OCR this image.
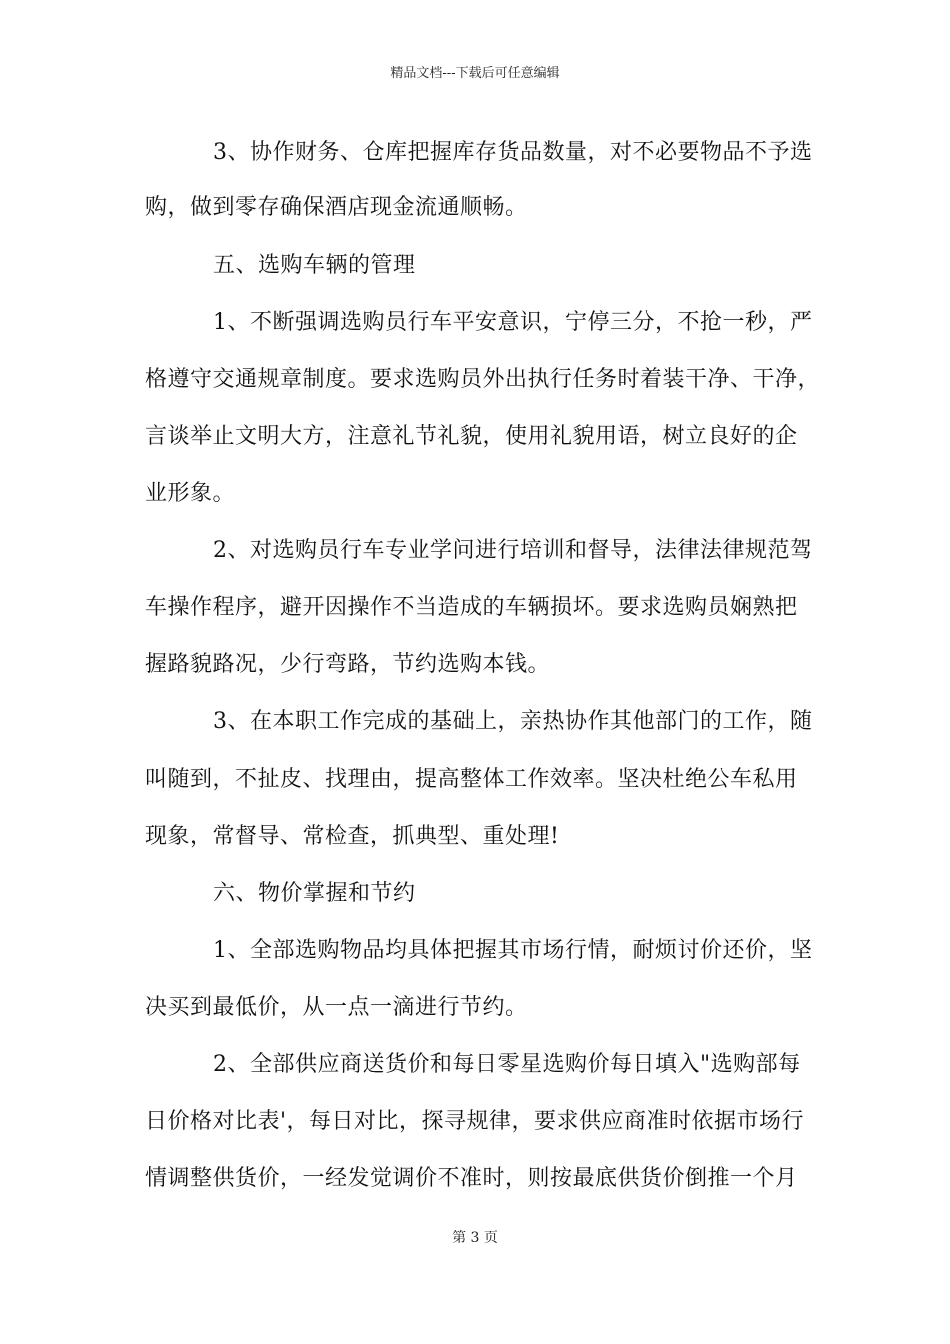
精品文档---下载后可任意编辑
3、协作财务、仓库把握库存货品数量，对不必要物品不予选
购，做到零存确保酒店现金流通顺畅。
五、选购车辆的管理
1、不断强调选购员行车平安意识，宁停三分，不抢一秒，严
格遵守交通规章制度。要求选购员外出执行任务时着装干净、干净，
言谈举止文明大方，注意礼节礼貌，使用礼貌用语，树立良好的企
业形象。
2、对选购员行车专业学问进行培训和督导，法律法律规范驾
车操作程序，避开因操作不当造成的车辆损坏。要求选购员娴熟把
握路貌路况，少行弯路，节约选购本钱。
3、在本职工作完成的基础上，亲热协作其他部门的工作，随
叫随到，不扯皮、找理由，提高整体工作效率。坚决杜绝公车私用
现象，常督导、常检查，抓典型、重处理!
六、物价掌握和节约
1、全部选购物品均具体把握其市场行情，耐烦讨价还价，坚
决买到最低价，从一点一滴进行节约。
2、全部供应商送货价和每日零星选购价每日填入"选购部每
日价格对比表'，每日对比，探寻规律，要求供应商准时依据市场行
情调整供货价，一经发觉调价不准时，则按最底供货价倒推一个月
第 3 页
